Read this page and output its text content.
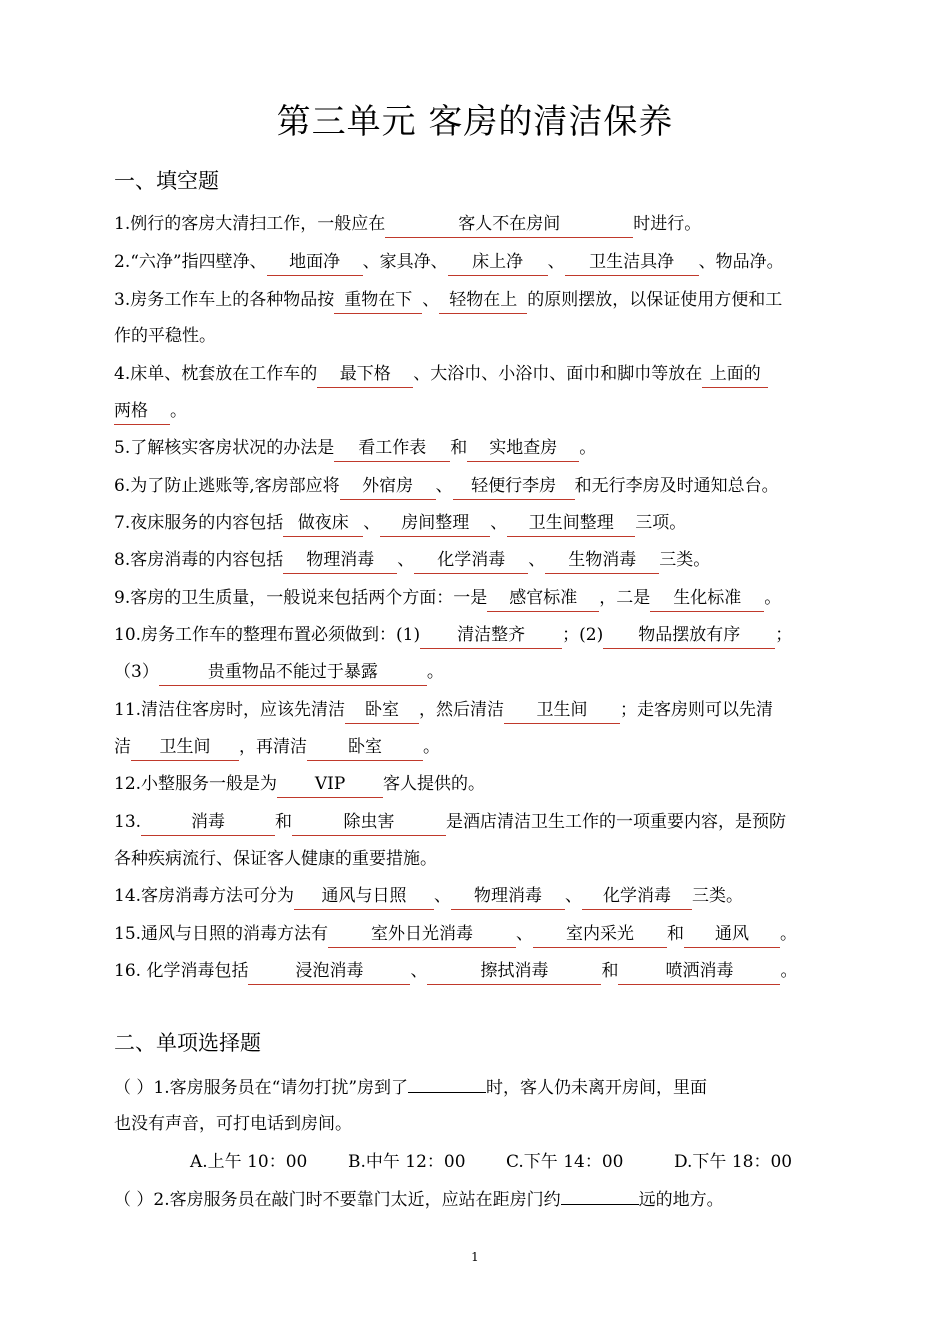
第三单元 客房的清洁保养
一、填空题
1.例行的客房大清扫工作，一般应在	客人不在房间	时进行。
2.“六净”指四壁净、 地面净 、家具净、 床上净 、 卫生洁具净 、物品净。
3.房务工作车上的各种物品按 重物在下 、 轻物在上 的原则摆放，以保证使用方便和工
作的平稳性。
4.床单、枕套放在工作车的 最下格 、大浴巾、小浴巾、面巾和脚巾等放在 上面的
两格 。
5.了解核实客房状况的办法是 看工作表 和 实地查房 。
6.为了防止逃账等,客房部应将 外宿房 、 轻便行李房 和无行李房及时通知总台。
7.夜床服务的内容包括 做夜床 、 房间整理 、 卫生间整理 三项。
8.客房消毒的内容包括 物理消毒 、 化学消毒 、 生物消毒 三类。
9.客房的卫生质量，一般说来包括两个方面：一是 感官标准 ，二是 生化标准 。
10.房务工作车的整理布置必须做到：(1) 清洁整齐 ；(2) 物品摆放有序 ；
（3）	贵重物品不能过于暴露	。
11.清洁住客房时，应该先清洁 卧室 ，然后清洁 卫生间 ；走客房则可以先清
洁 卫生间 ，再清洁 卧室 。
12.小整服务一般是为 VIP 客人提供的。
13.	消毒	和	除虫害	是酒店清洁卫生工作的一项重要内容，是预防
各种疾病流行、保证客人健康的重要措施。
14.客房消毒方法可分为 通风与日照 、 物理消毒 、 化学消毒 三类。
15.通风与日照的消毒方法有	室外日光消毒	、 室内采光 和 通风 。
16. 化学消毒包括	浸泡消毒	、	擦拭消毒	和	喷洒消毒	。
二、单项选择题
（ ）1.客房服务员在“请勿打扰”房到了	时，客人仍未离开房间，里面
也没有声音，可打电话到房间。
A.上午 10：00 B.中午 12：00 C.下午 14：00	D.下午 18：00
（ ）2.客房服务员在敲门时不要靠门太近，应站在距房门约	远的地方。
1
